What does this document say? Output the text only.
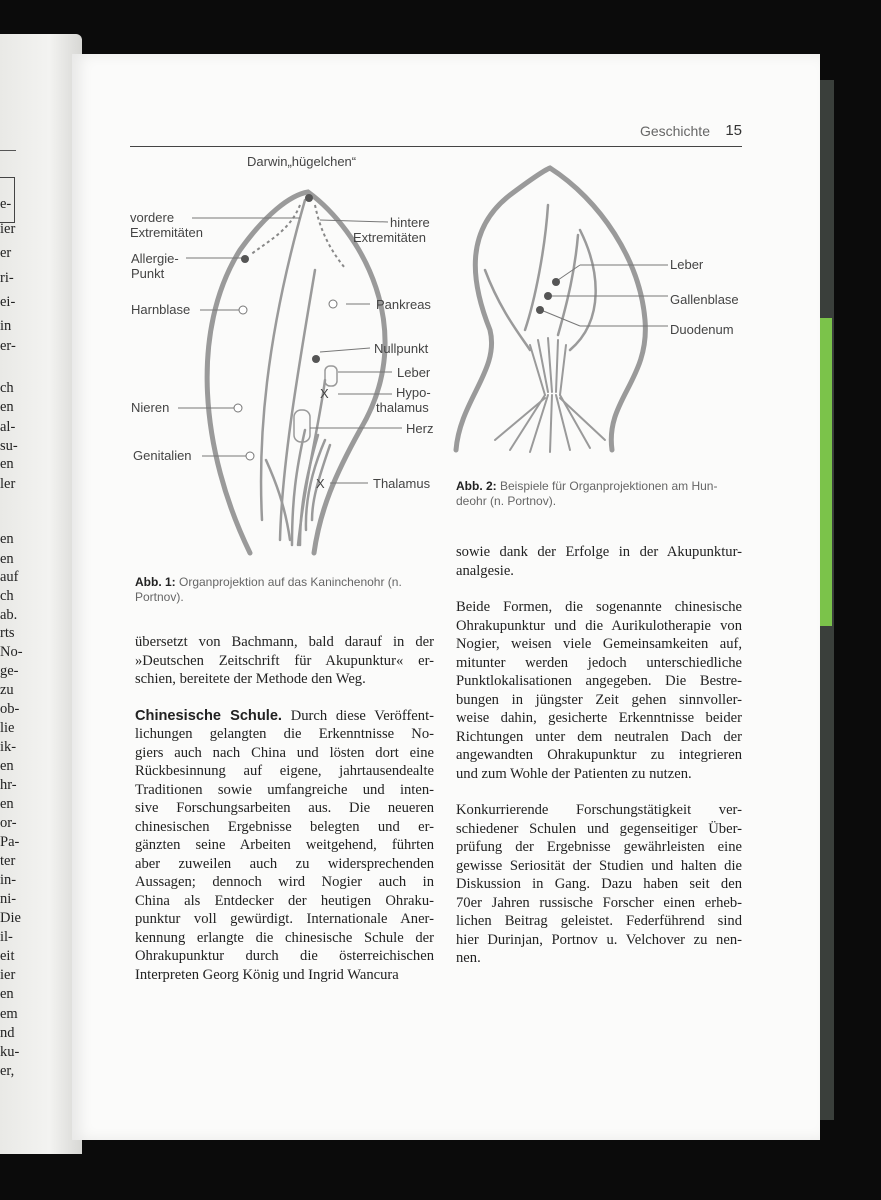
e-
ier
er
ri-
ei-
in
er-
ch
en
al-
su-
en
ler
en
en
auf
ch
ab.
rts
No-
ge-
zu
ob-
lie
ik-
en
hr-
en
or-
Pa-
ter
in-
ni-
Die
il-
eit
ier
en
em
nd
ku-
er,
Geschichte 15
Darwin„hügelchen“
vordere
Extremitäten
hintere
Extremitäten
Allergie-
Punkt
Harnblase	Pankreas
Nullpunkt
Leber
X	Hypo-
thalamus
Nieren
Herz
Genitalien
X	Thalamus
Leber
Gallenblase
Duodenum
Abb. 1: Organprojektion auf das Kaninchenohr (n.
Portnov).
Abb. 2: Beispiele für Organprojektionen am Hun-
deohr (n. Portnov).

übersetzt von Bachmann, bald darauf in der
»Deutschen Zeitschrift für Akupunktur« er-
schien, bereitete der Methode den Weg.

Chinesische Schule. Durch diese Veröffent-
lichungen gelangten die Erkenntnisse No-
giers auch nach China und lösten dort eine
Rückbesinnung auf eigene, jahrtausendealte
Traditionen sowie umfangreiche und inten-
sive Forschungsarbeiten aus. Die neueren
chinesischen Ergebnisse belegten und er-
gänzten seine Arbeiten weitgehend, führten
aber zuweilen auch zu widersprechenden
Aussagen; dennoch wird Nogier auch in
China als Entdecker der heutigen Ohraku-
punktur voll gewürdigt. Internationale Aner-
kennung erlangte die chinesische Schule der
Ohrakupunktur durch die österreichischen
Interpreten Georg König und Ingrid Wancura

sowie dank der Erfolge in der Akupunktur-
analgesie.

Beide Formen, die sogenannte chinesische
Ohrakupunktur und die Aurikulotherapie von
Nogier, weisen viele Gemeinsamkeiten auf,
mitunter werden jedoch unterschiedliche
Punktlokalisationen angegeben. Die Bestre-
bungen in jüngster Zeit gehen sinnvoller-
weise dahin, gesicherte Erkenntnisse beider
Richtungen unter dem neutralen Dach der
angewandten Ohrakupunktur zu integrieren
und zum Wohle der Patienten zu nutzen.

Konkurrierende Forschungstätigkeit ver-
schiedener Schulen und gegenseitiger Über-
prüfung der Ergebnisse gewährleisten eine
gewisse Seriosität der Studien und halten die
Diskussion in Gang. Dazu haben seit den
70er Jahren russische Forscher einen erheb-
lichen Beitrag geleistet. Federführend sind
hier Durinjan, Portnov u. Velchover zu nen-
nen.
